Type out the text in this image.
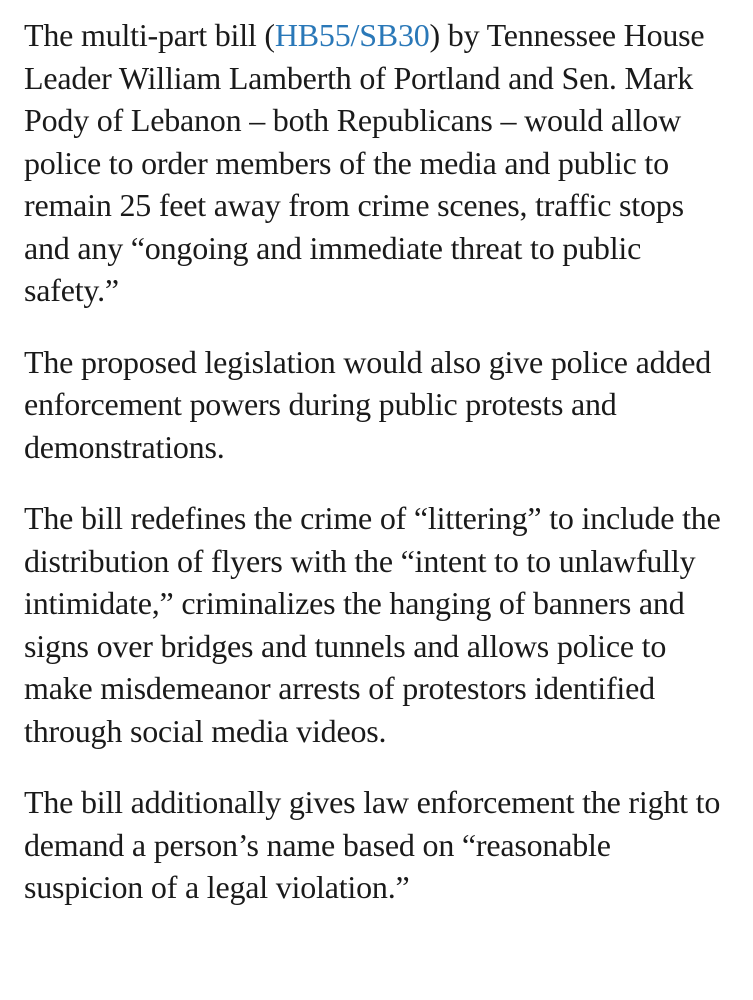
The multi-part bill (HB55/SB30) by Tennessee House Leader William Lamberth of Portland and Sen. Mark Pody of Lebanon – both Republicans – would allow police to order members of the media and public to remain 25 feet away from crime scenes, traffic stops and any “ongoing and immediate threat to public safety.”

The proposed legislation would also give police added enforcement powers during public protests and demonstrations.

The bill redefines the crime of “littering” to include the distribution of flyers with the “intent to to unlawfully intimidate,” criminalizes the hanging of banners and signs over bridges and tunnels and allows police to make misdemeanor arrests of protestors identified through social media videos.

The bill additionally gives law enforcement the right to demand a person’s name based on “reasonable suspicion of a legal violation.”
